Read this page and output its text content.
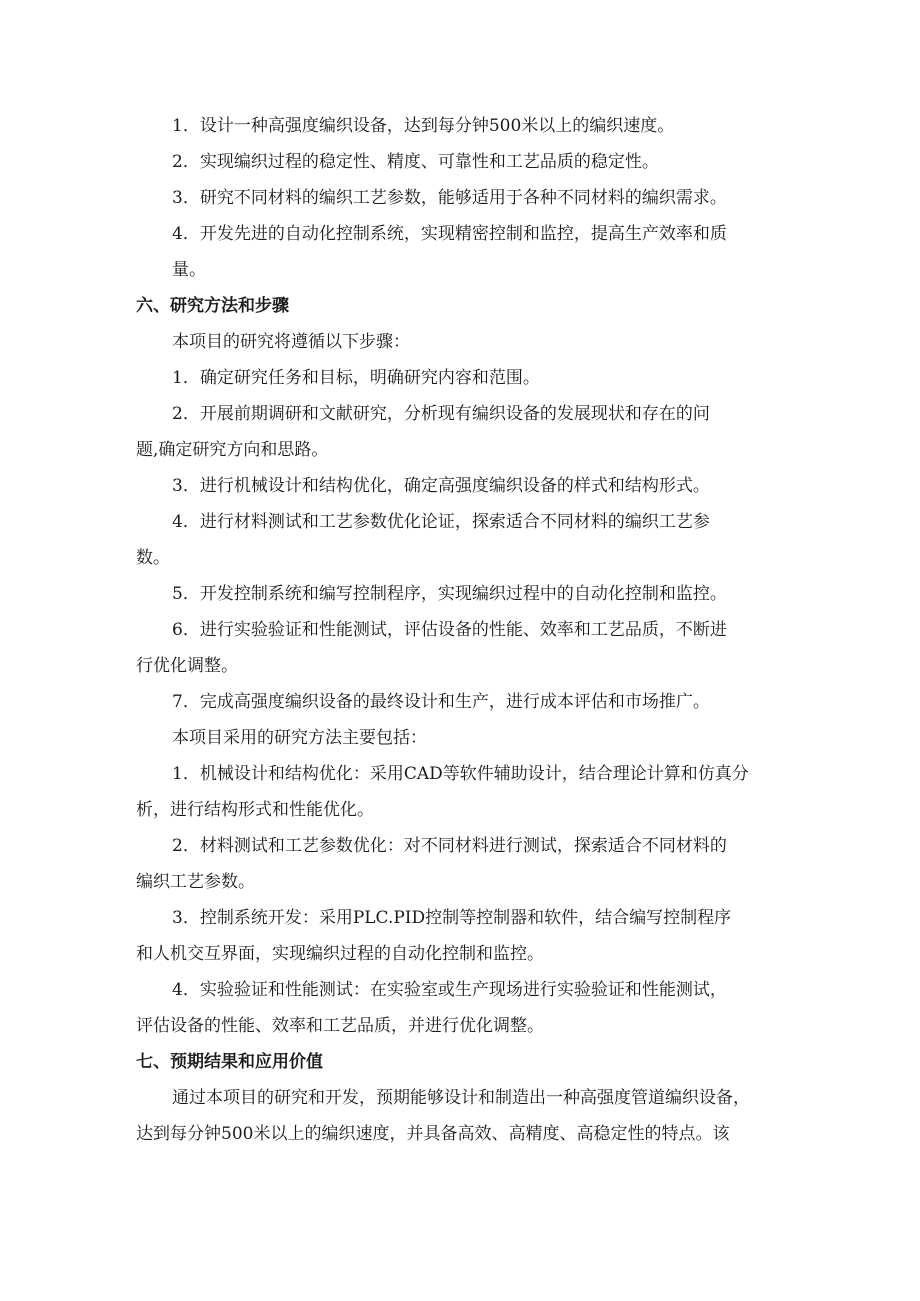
1．设计一种高强度编织设备，达到每分钟500米以上的编织速度。
2．实现编织过程的稳定性、精度、可靠性和工艺品质的稳定性。
3．研究不同材料的编织工艺参数，能够适用于各种不同材料的编织需求。
4．开发先进的自动化控制系统，实现精密控制和监控，提高生产效率和质
量。
六、研究方法和步骤
本项目的研究将遵循以下步骤：
1．确定研究任务和目标，明确研究内容和范围。
2．开展前期调研和文献研究，分析现有编织设备的发展现状和存在的问
题,确定研究方向和思路。
3．进行机械设计和结构优化，确定高强度编织设备的样式和结构形式。
4．进行材料测试和工艺参数优化论证，探索适合不同材料的编织工艺参
数。
5．开发控制系统和编写控制程序，实现编织过程中的自动化控制和监控。
6．进行实验验证和性能测试，评估设备的性能、效率和工艺品质，不断进
行优化调整。
7．完成高强度编织设备的最终设计和生产，进行成本评估和市场推广。
本项目采用的研究方法主要包括：
1．机械设计和结构优化：采用CAD等软件辅助设计，结合理论计算和仿真分
析，进行结构形式和性能优化。
2．材料测试和工艺参数优化：对不同材料进行测试，探索适合不同材料的
编织工艺参数。
3．控制系统开发：采用PLC.PID控制等控制器和软件，结合编写控制程序
和人机交互界面，实现编织过程的自动化控制和监控。
4．实验验证和性能测试：在实验室或生产现场进行实验验证和性能测试，
评估设备的性能、效率和工艺品质，并进行优化调整。
七、预期结果和应用价值
通过本项目的研究和开发，预期能够设计和制造出一种高强度管道编织设备，
达到每分钟500米以上的编织速度，并具备高效、高精度、高稳定性的特点。该
